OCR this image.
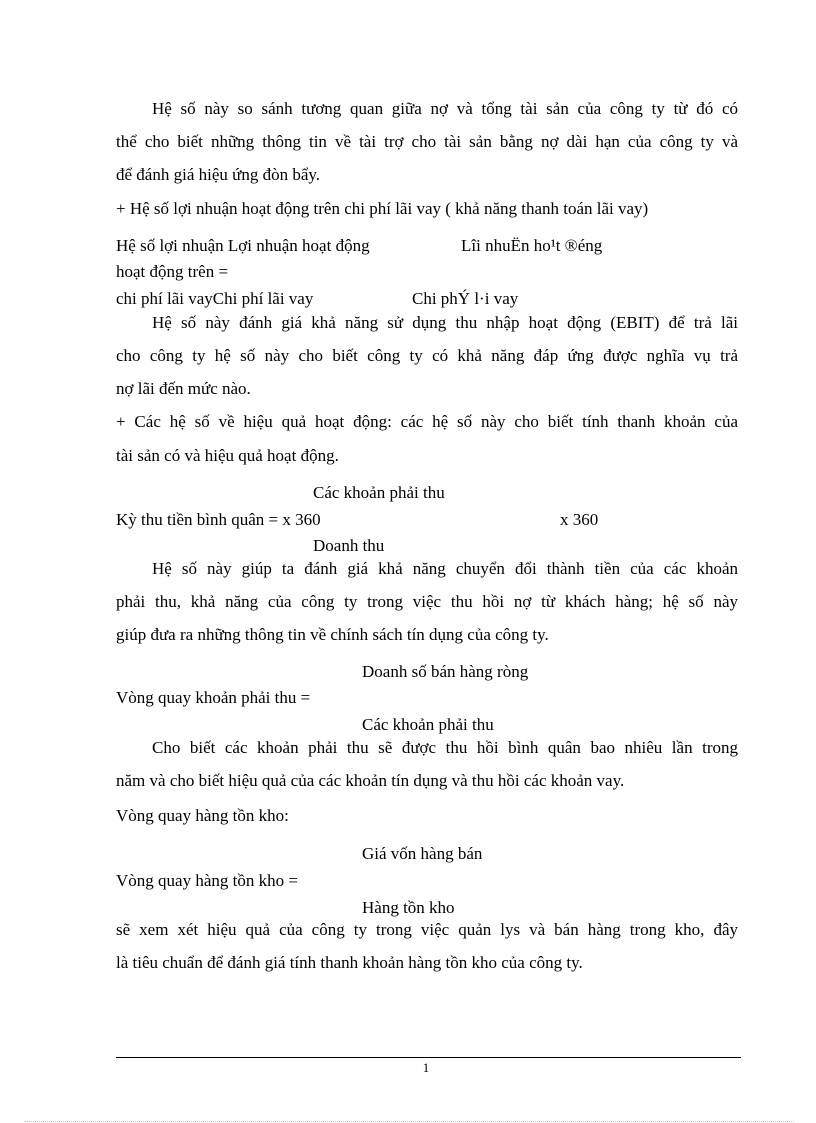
Hệ số này so sánh tương quan giữa nợ và tổng tài sản của công ty từ đó có
thể cho biết những thông tin về tài trợ cho tài sản bằng nợ dài hạn của công ty và
để đánh giá hiệu ứng đòn bẩy.
+ Hệ số lợi nhuận hoạt động trên chi phí lãi vay ( khả năng thanh toán lãi vay)
Hệ số lợi nhuận Lợi nhuận hoạt động	Lîi nhuËn ho¹t ®éng
hoạt động trên =
chi phí lãi vayChi phí lãi vay	Chi phÝ l·i vay
Hệ số này đánh giá khả năng sử dụng thu nhập hoạt động (EBIT) để trả lãi
cho công ty hệ số này cho biết công ty có khả năng đáp ứng được nghĩa vụ trả
nợ lãi đến mức nào.
+ Các hệ số về hiệu quả hoạt động: các hệ số này cho biết tính thanh khoản của
tài sản có và hiệu quả hoạt động.
Các khoản phải thu
Kỳ thu tiền bình quân = x 360	x 360
Doanh thu
Hệ số này giúp ta đánh giá khả năng chuyển đổi thành tiền của các khoản
phải thu, khả năng của công ty trong việc thu hồi nợ từ khách hàng; hệ số này
giúp đưa ra những thông tin về chính sách tín dụng của công ty.
Doanh số bán hàng ròng
Vòng quay khoản phải thu =
Các khoản phải thu
Cho biết các khoản phải thu sẽ được thu hồi bình quân bao nhiêu lần trong
năm và cho biết hiệu quả của các khoản tín dụng và thu hồi các khoản vay.
Vòng quay hàng tồn kho:
Giá vốn hàng bán
Vòng quay hàng tồn kho =
Hàng tồn kho
sẽ xem xét hiệu quả của công ty trong việc quản lys và bán hàng trong kho, đây
là tiêu chuẩn để đánh giá tính thanh khoản hàng tồn kho của công ty.
1
